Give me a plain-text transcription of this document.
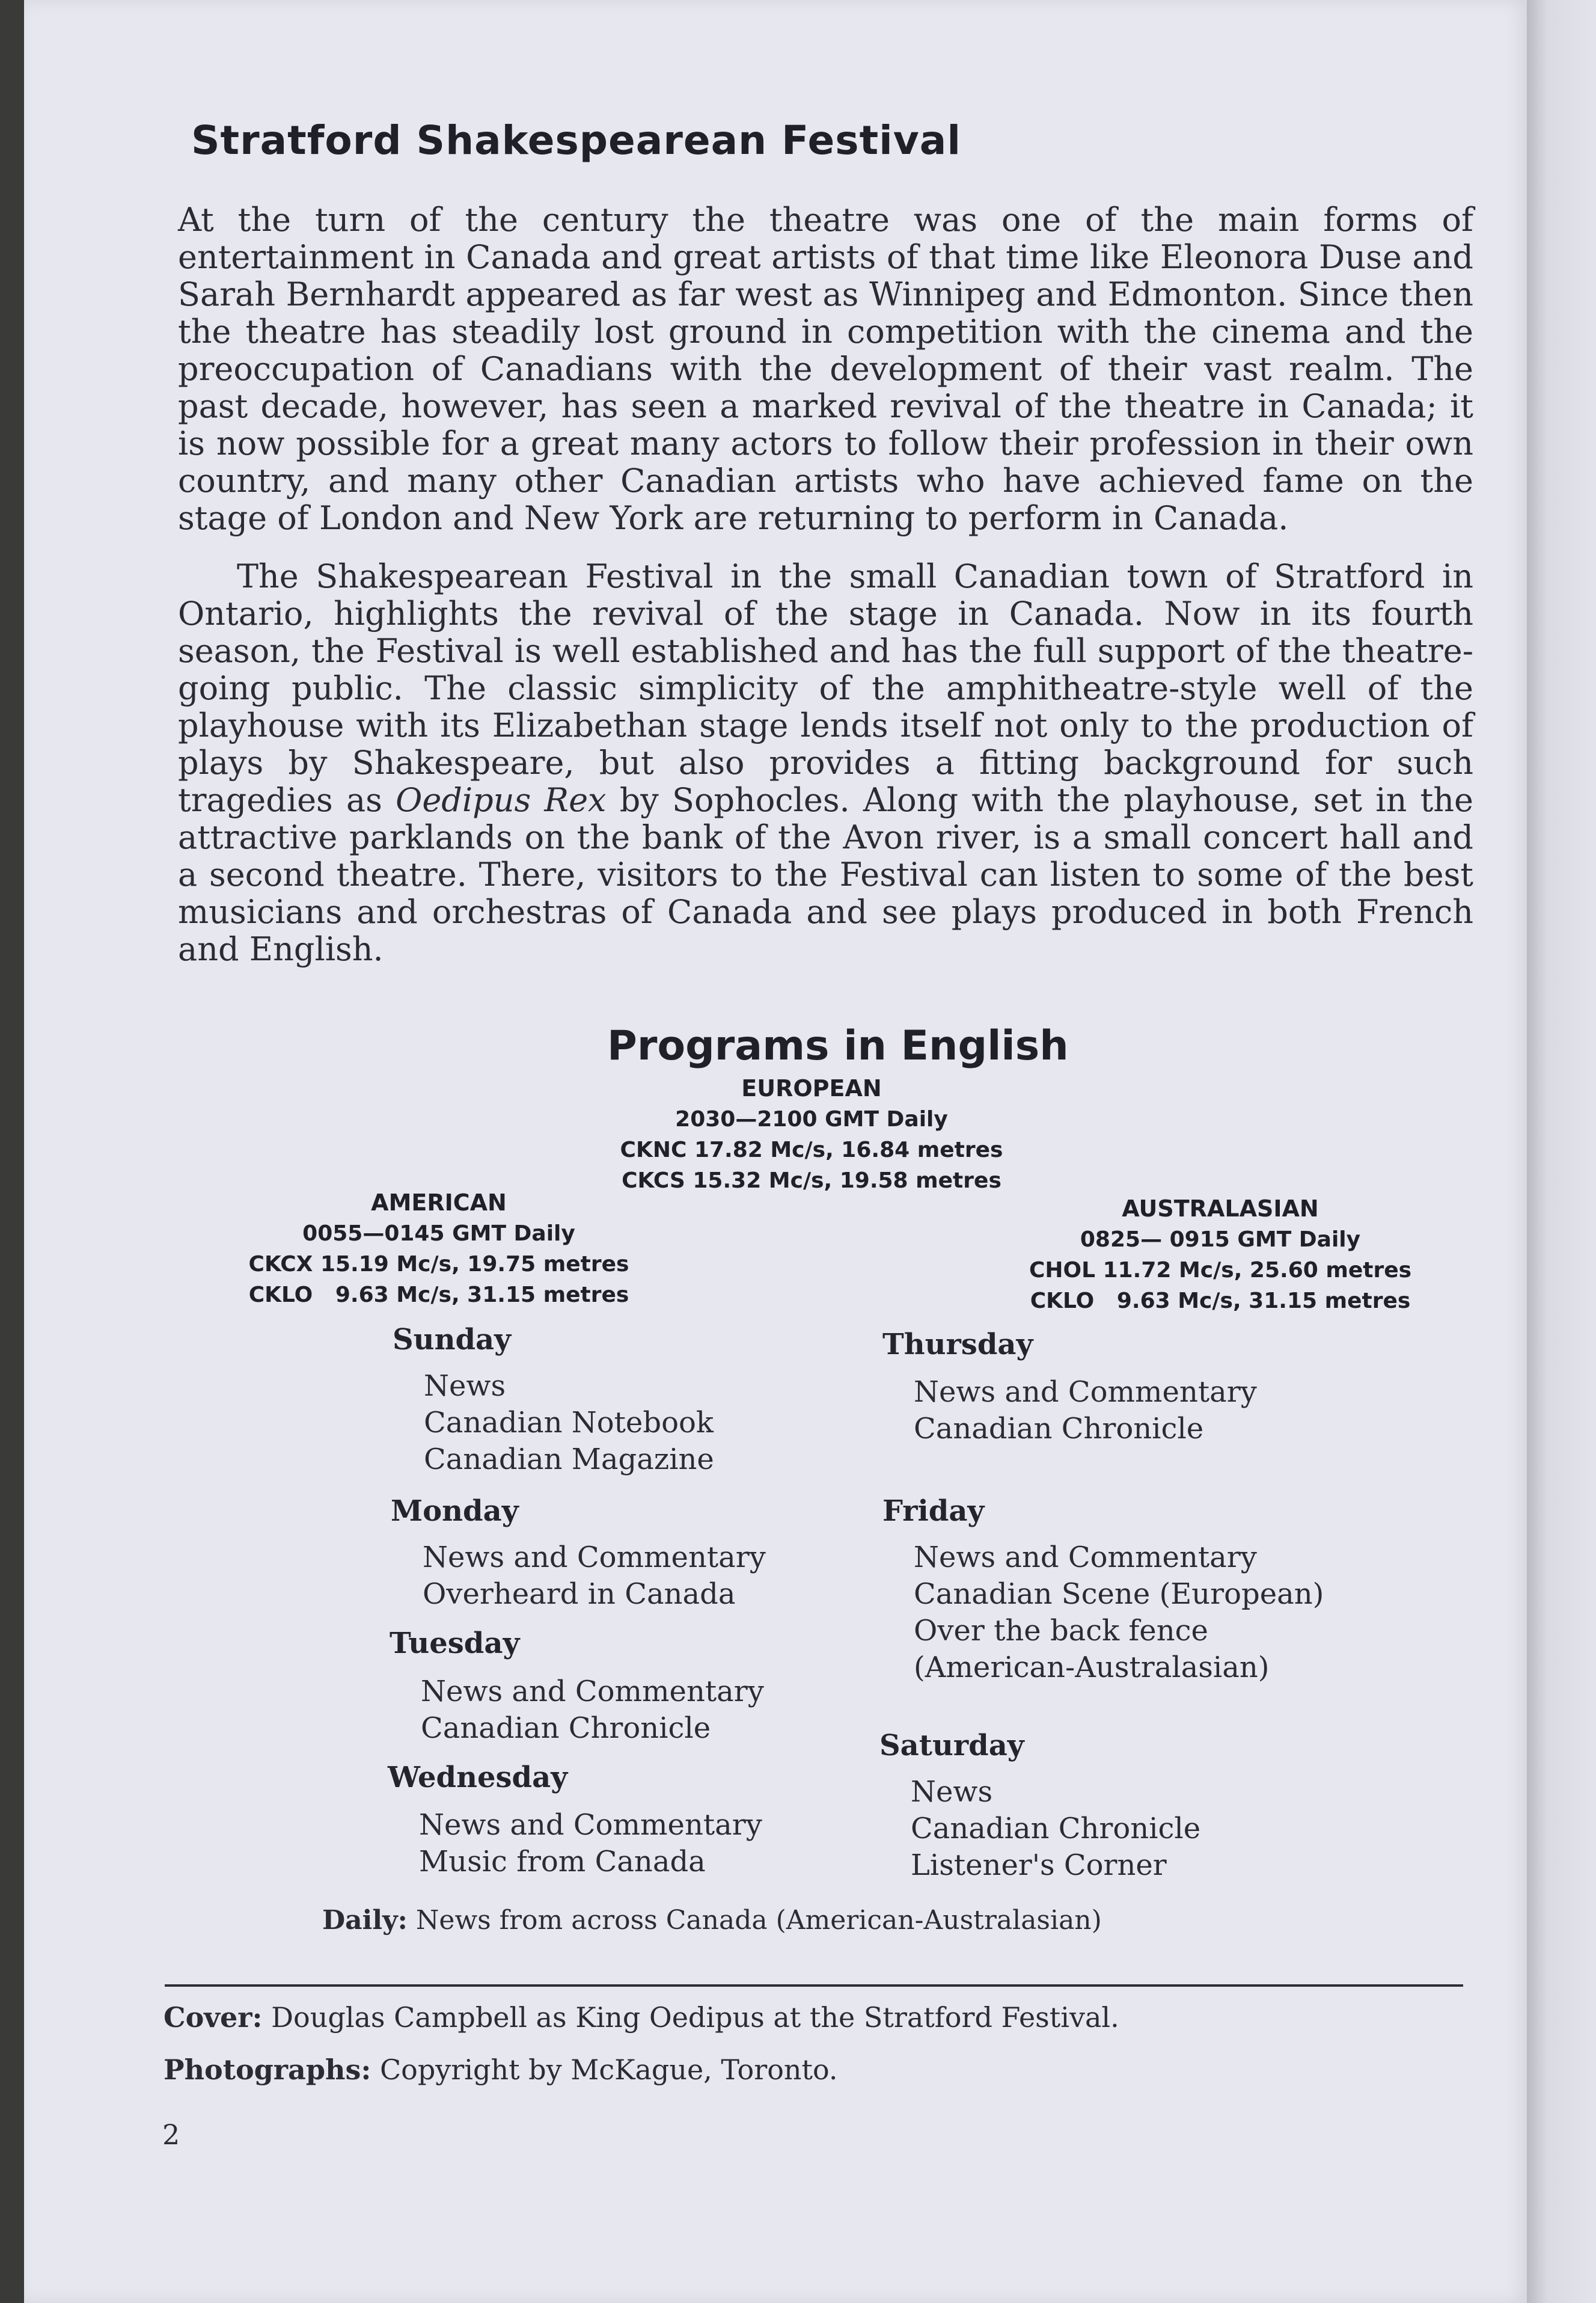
Stratford Shakespearean Festival
At the turn of the century the theatre was one of the main forms of entertainment in Canada and great artists of that time like Eleonora Duse and Sarah Bernhardt appeared as far west as Winnipeg and Edmonton. Since then the theatre has steadily lost ground in competition with the cinema and the preoccupation of Canadians with the development of their vast realm. The past decade, however, has seen a marked revival of the theatre in Canada; it is now possible for a great many actors to follow their profession in their own country, and many other Canadian artists who have achieved fame on the stage of London and New York are returning to perform in Canada.
The Shakespearean Festival in the small Canadian town of Stratford in Ontario, highlights the revival of the stage in Canada. Now in its fourth season, the Festival is well established and has the full support of the theatre-going public. The classic simplicity of the amphitheatre-style well of the playhouse with its Elizabethan stage lends itself not only to the production of plays by Shakespeare, but also provides a fitting background for such tragedies as Oedipus Rex by Sophocles. Along with the playhouse, set in the attractive parklands on the bank of the Avon river, is a small concert hall and a second theatre. There, visitors to the Festival can listen to some of the best musicians and orchestras of Canada and see plays produced in both French and English.
Programs in English
EUROPEAN
2030—2100 GMT Daily
CKNC 17.82 Mc/s, 16.84 metres
CKCS 15.32 Mc/s, 19.58 metres
AMERICAN
0055—0145 GMT Daily
CKCX 15.19 Mc/s, 19.75 metres
CKLO   9.63 Mc/s, 31.15 metres
AUSTRALASIAN
0825— 0915 GMT Daily
CHOL 11.72 Mc/s, 25.60 metres
CKLO   9.63 Mc/s, 31.15 metres
Sunday
News
Canadian Notebook
Canadian Magazine
Monday
News and Commentary
Overheard in Canada
Tuesday
News and Commentary
Canadian Chronicle
Wednesday
News and Commentary
Music from Canada
Thursday
News and Commentary
Canadian Chronicle
Friday
News and Commentary
Canadian Scene (European)
Over the back fence
(American-Australasian)
Saturday
News
Canadian Chronicle
Listener's Corner
Daily: News from across Canada (American-Australasian)
Cover: Douglas Campbell as King Oedipus at the Stratford Festival.
Photographs: Copyright by McKague, Toronto.
2
